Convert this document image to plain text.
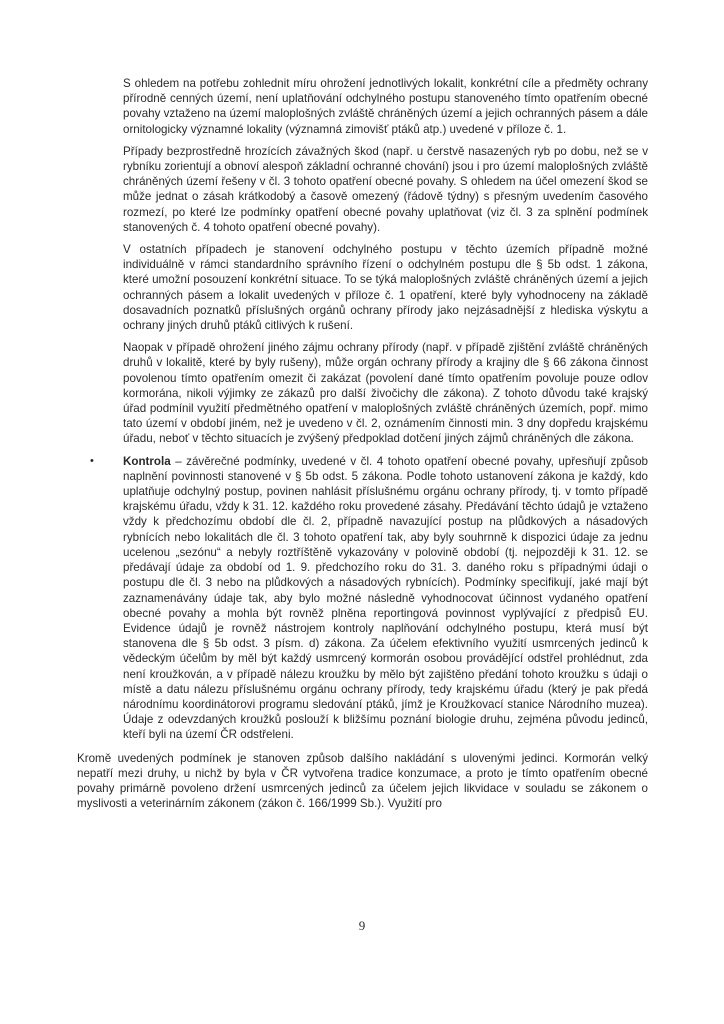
S ohledem na potřebu zohlednit míru ohrožení jednotlivých lokalit, konkrétní cíle a předměty ochrany přírodně cenných území, není uplatňování odchylného postupu stanoveného tímto opatřením obecné povahy vztaženo na území maloplošných zvláště chráněných území a jejich ochranných pásem a dále ornitologicky významné lokality (významná zimovišť ptáků atp.) uvedené v příloze č. 1.

Případy bezprostředně hrozících závažných škod (např. u čerstvě nasazených ryb po dobu, než se v rybníku zorientují a obnoví alespoň základní ochranné chování) jsou i pro území maloplošných zvláště chráněných území řešeny v čl. 3 tohoto opatření obecné povahy. S ohledem na účel omezení škod se může jednat o zásah krátkodobý a časově omezený (řádově týdny) s přesným uvedením časového rozmezí, po které lze podmínky opatření obecné povahy uplatňovat (viz čl. 3 za splnění podmínek stanovených č. 4 tohoto opatření obecné povahy).

V ostatních případech je stanovení odchylného postupu v těchto územích případně možné individuálně v rámci standardního správního řízení o odchylném postupu dle § 5b odst. 1 zákona, které umožní posouzení konkrétní situace. To se týká maloplošných zvláště chráněných území a jejich ochranných pásem a lokalit uvedených v příloze č. 1 opatření, které byly vyhodnoceny na základě dosavadních poznatků příslušných orgánů ochrany přírody jako nejzásadnější z hlediska výskytu a ochrany jiných druhů ptáků citlivých k rušení.

Naopak v případě ohrožení jiného zájmu ochrany přírody (např. v případě zjištění zvláště chráněných druhů v lokalitě, které by byly rušeny), může orgán ochrany přírody a krajiny dle § 66 zákona činnost povolenou tímto opatřením omezit či zakázat (povolení dané tímto opatřením povoluje pouze odlov kormorána, nikoli výjimky ze zákazů pro další živočichy dle zákona). Z tohoto důvodu také krajský úřad podmínil využití předmětného opatření v maloplošných zvláště chráněných územích, popř. mimo tato území v období jiném, než je uvedeno v čl. 2, oznámením činnosti min. 3 dny dopředu krajskému úřadu, neboť v těchto situacích je zvýšený předpoklad dotčení jiných zájmů chráněných dle zákona.

•	Kontrola – závěrečné podmínky, uvedené v čl. 4 tohoto opatření obecné povahy, upřesňují způsob naplnění povinnosti stanovené v § 5b odst. 5 zákona. Podle tohoto ustanovení zákona je každý, kdo uplatňuje odchylný postup, povinen nahlásit příslušnému orgánu ochrany přírody, tj. v tomto případě krajskému úřadu, vždy k 31. 12. každého roku provedené zásahy. Předávání těchto údajů je vztaženo vždy k předchozímu období dle čl. 2, případně navazující postup na plůdkových a násadových rybnících nebo lokalitách dle čl. 3 tohoto opatření tak, aby byly souhrnně k dispozici údaje za jednu ucelenou „sezónu“ a nebyly roztříštěně vykazovány v polovině období (tj. nejpozději k 31. 12. se předávají údaje za období od 1. 9. předchozího roku do 31. 3. daného roku s případnými údaji o postupu dle čl. 3 nebo na plůdkových a násadových rybnících). Podmínky specifikují, jaké mají být zaznamenávány údaje tak, aby bylo možné následně vyhodnocovat účinnost vydaného opatření obecné povahy a mohla být rovněž plněna reportingová povinnost vyplývající z předpisů EU. Evidence údajů je rovněž nástrojem kontroly naplňování odchylného postupu, která musí být stanovena dle § 5b odst. 3 písm. d) zákona. Za účelem efektivního využití usmrcených jedinců k vědeckým účelům by měl být každý usmrcený kormorán osobou provádějící odstřel prohlédnut, zda není kroužkován, a v případě nálezu kroužku by mělo být zajištěno předání tohoto kroužku s údaji o místě a datu nálezu příslušnému orgánu ochrany přírody, tedy krajskému úřadu (který je pak předá národnímu koordinátorovi programu sledování ptáků, jímž je Kroužkovací stanice Národního muzea). Údaje z odevzdaných kroužků poslouží k bližšímu poznání biologie druhu, zejména původu jedinců, kteří byli na území ČR odstřeleni.

Kromě uvedených podmínek je stanoven způsob dalšího nakládání s ulovenými jedinci. Kormorán velký nepatří mezi druhy, u nichž by byla v ČR vytvořena tradice konzumace, a proto je tímto opatřením obecné povahy primárně povoleno držení usmrcených jedinců za účelem jejich likvidace v souladu se zákonem o myslivosti a veterinárním zákonem (zákon č. 166/1999 Sb.). Využití pro

9
